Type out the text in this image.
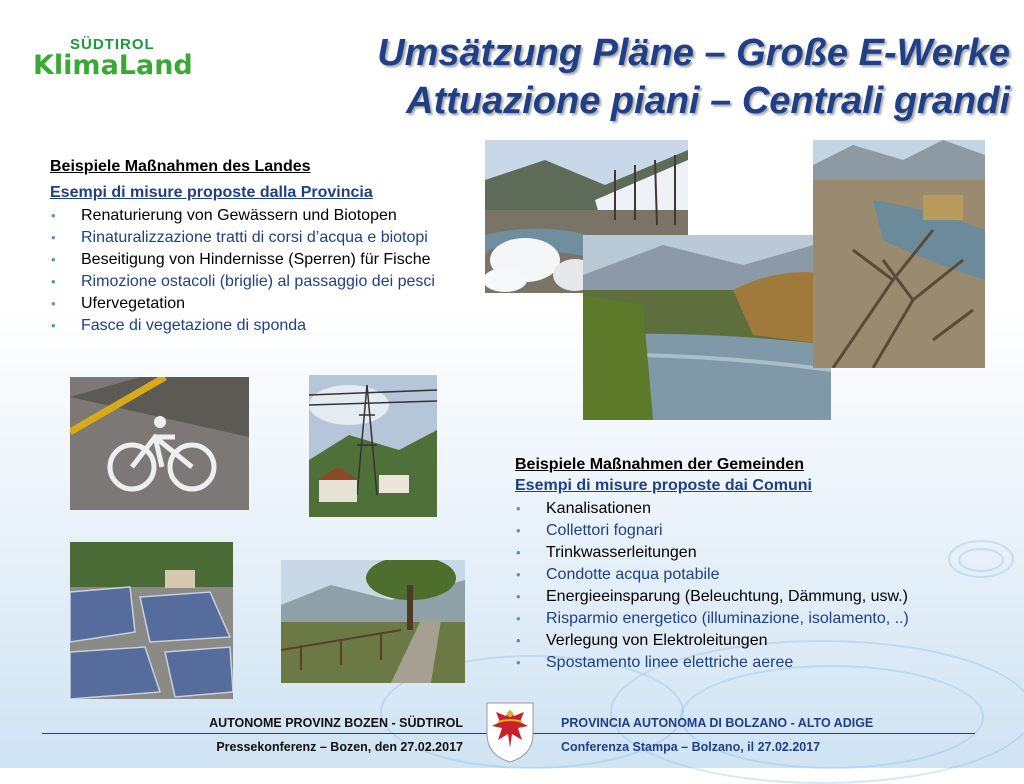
SÜDTIROL
KlimaLand	Umsätzung Pläne – Große E-Werke
Attuazione piani – Centrali grandi
Beispiele Maßnahmen des Landes
Esempi di misure proposte dalla Provincia
• Renaturierung von Gewässern und Biotopen
• Rinaturalizzazione tratti di corsi d’acqua e biotopi
• Beseitigung von Hindernisse (Sperren) für Fische
• Rimozione ostacoli (briglie) al passaggio dei pesci
• Ufervegetation
• Fasce di vegetazione di sponda
Beispiele Maßnahmen der Gemeinden
Esempi di misure proposte dai Comuni
• Kanalisationen
• Collettori fognari
• Trinkwasserleitungen
• Condotte acqua potabile
• Energieeinsparung (Beleuchtung, Dämmung, usw.)
• Risparmio energetico (illuminazione, isolamento, ..)
• Verlegung von Elektroleitungen
• Spostamento linee elettriche aeree
AUTONOME PROVINZ BOZEN - SÜDTIROL
Pressekonferenz – Bozen, den 27.02.2017
PROVINCIA AUTONOMA DI BOLZANO - ALTO ADIGE
Conferenza Stampa – Bolzano, il 27.02.2017
